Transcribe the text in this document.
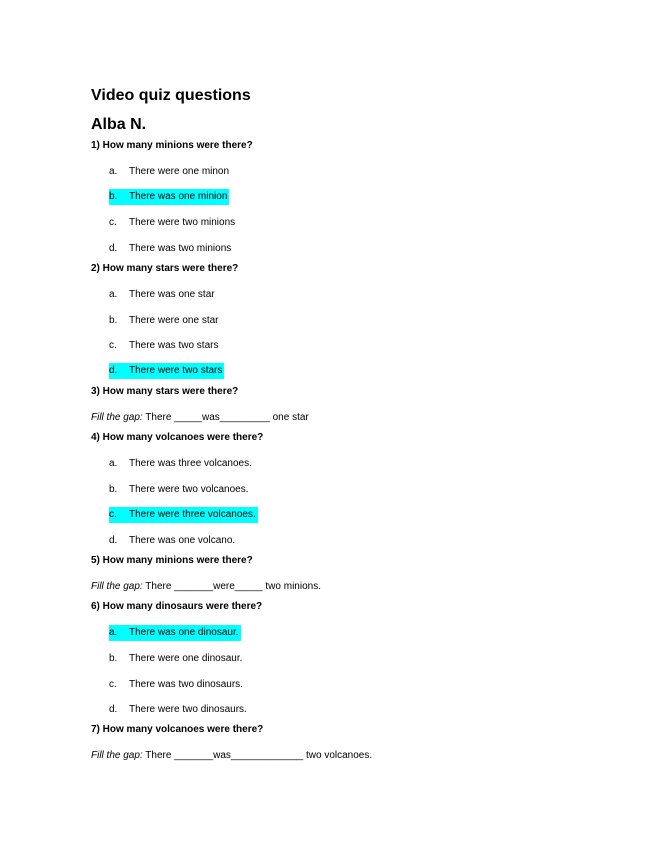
Video quiz questions
Alba N.
1) How many minions were there?
a. There were one minon
b. There was one minion
c. There were two minions
d. There was two minions
2) How many stars were there?
a. There was one star
b. There were one star
c. There was two stars
d. There were two stars
3) How many stars were there?
Fill the gap: There _____was_________ one star
4) How many volcanoes were there?
a. There was three volcanoes.
b. There were two volcanoes.
c. There were three volcanoes.
d. There was one volcano.
5) How many minions were there?
Fill the gap: There _______were_____ two minions.
6) How many dinosaurs were there?
a. There was one dinosaur.
b. There were one dinosaur.
c. There was two dinosaurs.
d. There were two dinosaurs.
7) How many volcanoes were there?
Fill the gap: There _______was_____________ two volcanoes.
